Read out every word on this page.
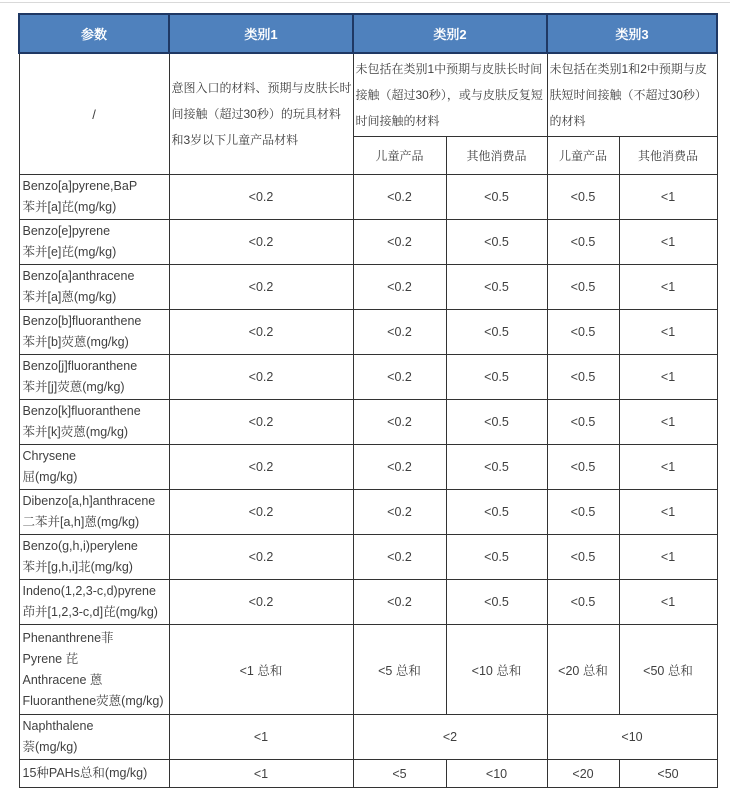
参数	类别1	类别2		类别3	
/	意图入口的材料、预期与皮肤长时间接触（超过30秒）的玩具材料和3岁以下儿童产品材料	未包括在类别1中预期与皮肤长时间接触（超过30秒），或与皮肤反复短时间接触的材料		未包括在类别1和2中预期与皮肤短时间接触（不超过30秒）的材料	
		儿童产品	其他消费品	儿童产品	其他消费品

Benzo[a]pyrene,BaP
苯并[a]芘(mg/kg)	<0.2	<0.2	<0.5	<0.5	<1

Benzo[e]pyrene
苯并[e]芘(mg/kg)	<0.2	<0.2	<0.5	<0.5	<1

Benzo[a]anthracene
苯并[a]蒽(mg/kg)	<0.2	<0.2	<0.5	<0.5	<1

Benzo[b]fluoranthene
苯并[b]荧蒽(mg/kg)	<0.2	<0.2	<0.5	<0.5	<1

Benzo[j]fluoranthene
苯并[j]荧蒽(mg/kg)	<0.2	<0.2	<0.5	<0.5	<1

Benzo[k]fluoranthene
苯并[k]荧蒽(mg/kg)	<0.2	<0.2	<0.5	<0.5	<1

Chrysene
屈(mg/kg)	<0.2	<0.2	<0.5	<0.5	<1

Dibenzo[a,h]anthracene
二苯并[a,h]蒽(mg/kg)	<0.2	<0.2	<0.5	<0.5	<1

Benzo(g,h,i)perylene
苯并[g,h,i]苝(mg/kg)	<0.2	<0.2	<0.5	<0.5	<1

Indeno(1,2,3-c,d)pyrene
茚并[1,2,3-c,d]芘(mg/kg)	<0.2	<0.2	<0.5	<0.5	<1

Phenanthrene菲
Pyrene 芘
Anthracene 蒽
Fluoranthene荧蒽(mg/kg)	<1 总和	<5 总和	<10 总和	<20 总和	<50 总和

Naphthalene
萘(mg/kg)	<1	<2		<10	

15种PAHs总和(mg/kg)	<1	<5	<10	<20	<50
